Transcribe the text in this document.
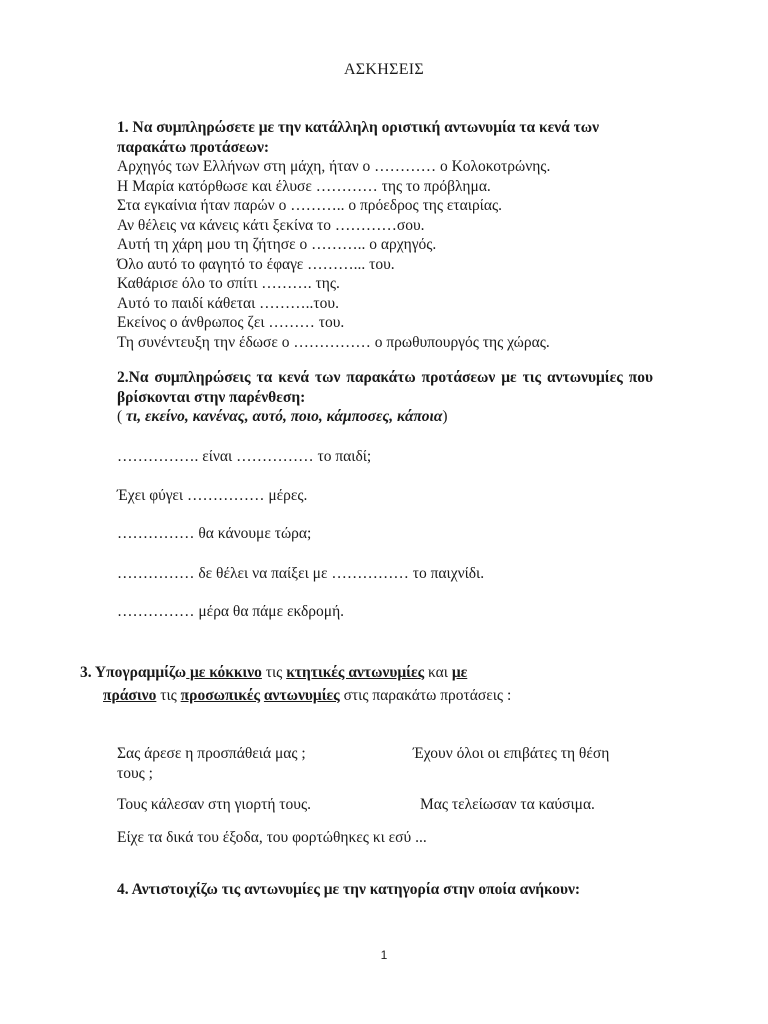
ΑΣΚΗΣΕΙΣ
1. Να συμπληρώσετε με την κατάλληλη οριστική αντωνυμία τα κενά των παρακάτω προτάσεων:
Αρχηγός των Ελλήνων στη μάχη, ήταν ο ………… ο Κολοκοτρώνης.
Η Μαρία κατόρθωσε και έλυσε ………… της το πρόβλημα.
Στα εγκαίνια ήταν παρών ο ……….. ο πρόεδρος της εταιρίας.
Αν θέλεις να κάνεις κάτι ξεκίνα το …………σου.
Αυτή τη χάρη μου τη ζήτησε ο ……….. ο αρχηγός.
Όλο αυτό το φαγητό το έφαγε ………... του.
Καθάρισε όλο το σπίτι ………. της.
Αυτό το παιδί κάθεται ………..του.
Εκείνος ο άνθρωπος ζει ……… του.
Τη συνέντευξη την έδωσε ο …………… ο πρωθυπουργός της χώρας.
2.Να συμπληρώσεις τα κενά των παρακάτω προτάσεων με τις αντωνυμίες που βρίσκονται στην παρένθεση:
( τι, εκείνο, κανένας, αυτό, ποιο, κάμποσες, κάποια)
……………. είναι …………… το παιδί;
Έχει φύγει …………… μέρες.
…………… θα κάνουμε τώρα;
…………… δε θέλει να παίξει με …………… το παιχνίδι.
…………… μέρα θα πάμε εκδρομή.
3. Υπογραμμίζω με κόκκινο τις κτητικές αντωνυμίες και με
πράσινο τις προσωπικές αντωνυμίες στις παρακάτω προτάσεις :
Σας άρεσε η προσπάθειά μας ;	Έχουν όλοι οι επιβάτες τη θέση
τους ;
Τους κάλεσαν στη γιορτή τους.	Μας τελείωσαν τα καύσιμα.
Είχε τα δικά του έξοδα, του φορτώθηκες κι εσύ ...
4. Αντιστοιχίζω τις αντωνυμίες με την κατηγορία στην οποία ανήκουν:
1
